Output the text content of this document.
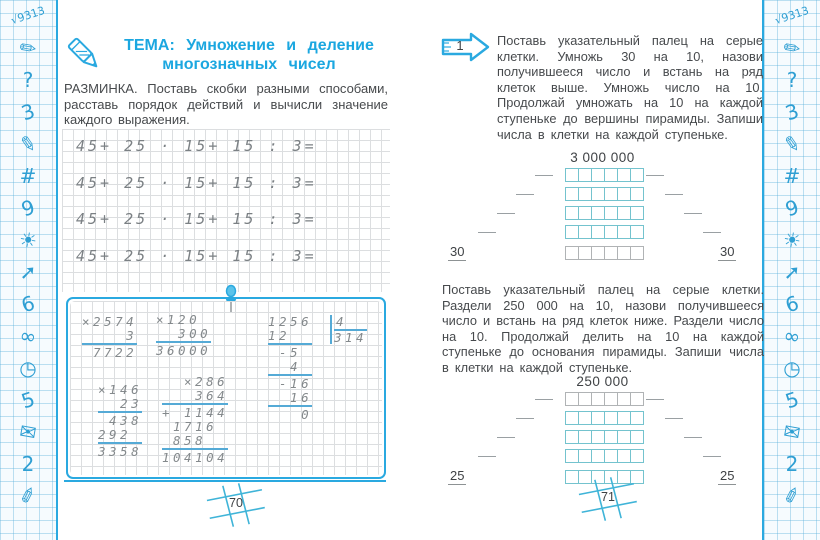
√9313
✏
?
3
✎
#
9
☀
➚
6
∞
◷
5
✉
2
✐
√9313
✏
?
3
✎
#
9
☀
➚
6
∞
◷
5
✉
2
✐
ТЕМА: Умножение и деление
многозначных чисел
РАЗМИНКА. Поставь скобки разными способами, расставь порядок действий и вычисли значение каждого выражения.
45+ 25 · 15+ 15 : 3=
45+ 25 · 15+ 15 : 3=
45+ 25 · 15+ 15 : 3=
45+ 25 · 15+ 15 : 3=
×2574
3
7722
×120
300
36000
×146
23
438
292
3358
×286
364
+ 1144
1716
858
104104
1256
12
-5
4
-16
16
0
4
314
70
1	Поставь указательный палец на серые клетки. Умножь 30 на 10, назови получившееся число и встань на ряд клеток выше. Умножь число на 10. Продолжай умножать на 10 на каждой ступеньке до вершины пирамиды. Запиши числа в клетки на каждой ступеньке.
3 000 000
30	30
Поставь указательный палец на серые клетки. Раздели 250 000 на 10, назови получившееся число и встань на ряд клеток ниже. Раздели число на 10. Продолжай делить на 10 на каждой ступеньке до основания пирамиды. Запиши числа в клетки на каждой ступеньке.
250 000
25	25
71
